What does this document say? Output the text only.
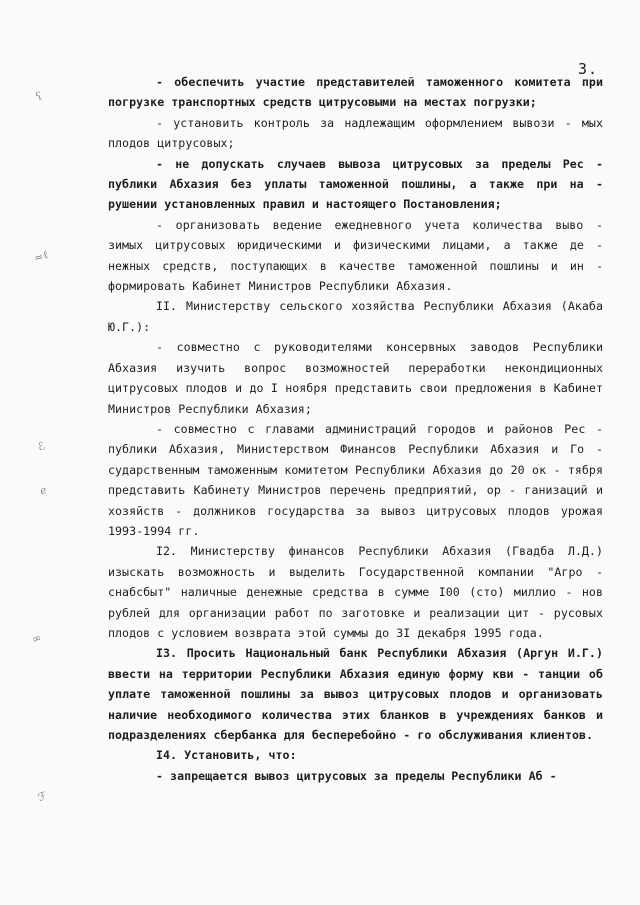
3.
ʕ
≈ℓ
ℰ
ℯ
∞
ℱ

- обеспечить участие представителей таможенного комитета при погрузке транспортных средств цитрусовыми на местах погрузки;

- установить контроль за надлежащим оформлением вывози - мых плодов цитрусовых;

- не допускать случаев вывоза цитрусовых за пределы Рес - публики Абхазия без уплаты таможенной пошлины, а также при на - рушении установленных правил и настоящего Постановления;

- организовать ведение ежедневного учета количества выво - зимых цитрусовых юридическими и физическими лицами, а также де - нежных средств, поступающих в качестве таможенной пошлины и ин - формировать Кабинет Министров Республики Абхазия.

II. Министерству сельского хозяйства Республики Абхазия (Акаба Ю.Г.):

- совместно с руководителями консервных заводов Республики Абхазия изучить вопрос возможностей переработки некондиционных цитрусовых плодов и до I ноября представить свои предложения в Кабинет Министров Республики Абхазия;

- совместно с главами администраций городов и районов Рес - публики Абхазия, Министерством Финансов Республики Абхазия и Го - сударственным таможенным комитетом Республики Абхазия до 20 ок - тября представить Кабинету Министров перечень предприятий, ор - ганизаций и хозяйств - должников государства за вывоз цитрусовых плодов урожая 1993-1994 гг.

I2. Министерству финансов Республики Абхазия (Гвадба Л.Д.) изыскать возможность и выделить Государственной компании "Агро - снабсбыт" наличные денежные средства в сумме I00 (сто) миллио - нов рублей для организации работ по заготовке и реализации цит - русовых плодов с условием возврата этой суммы до 3I декабря 1995 года.

I3. Просить Национальный банк Республики Абхазия (Аргун И.Г.) ввести на территории Республики Абхазия единую форму кви - танции об уплате таможенной пошлины за вывоз цитрусовых плодов и организовать наличие необходимого количества этих бланков в учреждениях банков и подразделениях сбербанка для бесперебойно - го обслуживания клиентов.

I4. Установить, что:

- запрещается вывоз цитрусовых за пределы Республики Аб -
